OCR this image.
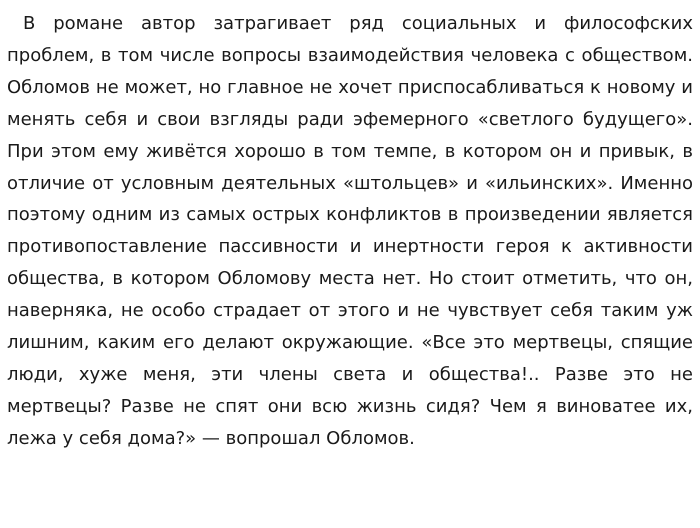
В романе автор затрагивает ряд социальных и философских проблем, в том числе вопросы взаимодействия человека с обществом. Обломов не может, но главное не хочет приспосабливаться к новому и менять себя и свои взгляды ради эфемерного «светлого будущего». При этом ему живётся хорошо в том темпе, в котором он и привык, в отличие от условным деятельных «штольцев» и «ильинских». Именно поэтому одним из самых острых конфликтов в произведении является противопоставление пассивности и инертности героя к активности общества, в котором Обломову места нет. Но стоит отметить, что он, наверняка, не особо страдает от этого и не чувствует себя таким уж лишним, каким его делают окружающие. «Все это мертвецы, спящие люди, хуже меня, эти члены света и общества!.. Разве это не мертвецы? Разве не спят они всю жизнь сидя? Чем я виноватее их, лежа у себя дома?» — вопрошал Обломов.
